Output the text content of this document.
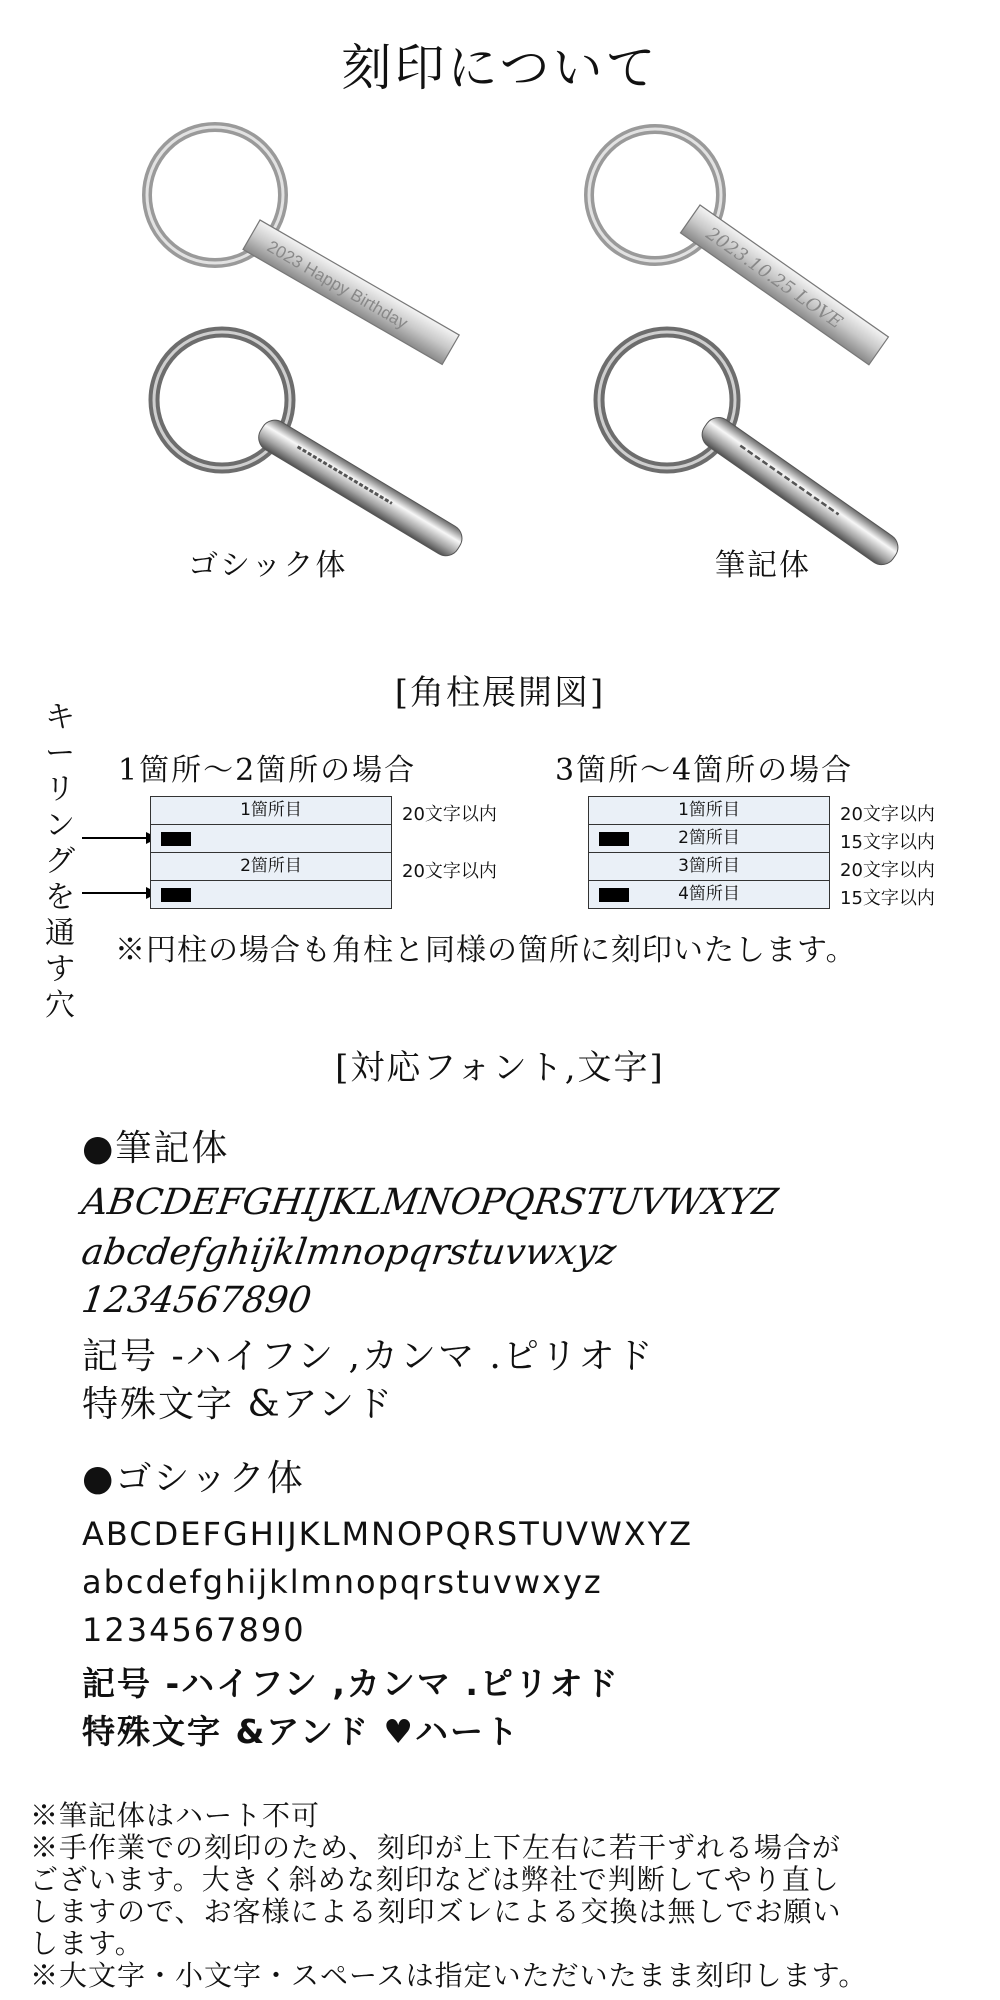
刻印について
2023 Happy Birthday	2023.10.25 LOVE
ゴシック体	筆記体
[角柱展開図]
キ
ー
リ
ン
グ
を
通
す
穴
1箇所〜2箇所の場合	3箇所〜4箇所の場合
1箇所目
2箇所目
20文字以内
20文字以内
1箇所目
2箇所目
3箇所目
4箇所目
20文字以内
15文字以内
20文字以内
15文字以内
※円柱の場合も角柱と同様の箇所に刻印いたします。
[対応フォント,文字]
●筆記体
ABCDEFGHIJKLMNOPQRSTUVWXYZ
abcdefghijklmnopqrstuvwxyz
1234567890
記号 -ハイフン ,カンマ .ピリオド
特殊文字 &アンド
●ゴシック体
ABCDEFGHIJKLMNOPQRSTUVWXYZ
abcdefghijklmnopqrstuvwxyz
1234567890
記号 -ハイフン ,カンマ .ピリオド
特殊文字 &アンド ♥ハート
※筆記体はハート不可
※手作業での刻印のため、刻印が上下左右に若干ずれる場合が
ございます。大きく斜めな刻印などは弊社で判断してやり直し
しますので、お客様による刻印ズレによる交換は無しでお願い
します。
※大文字・小文字・スペースは指定いただいたまま刻印します。
